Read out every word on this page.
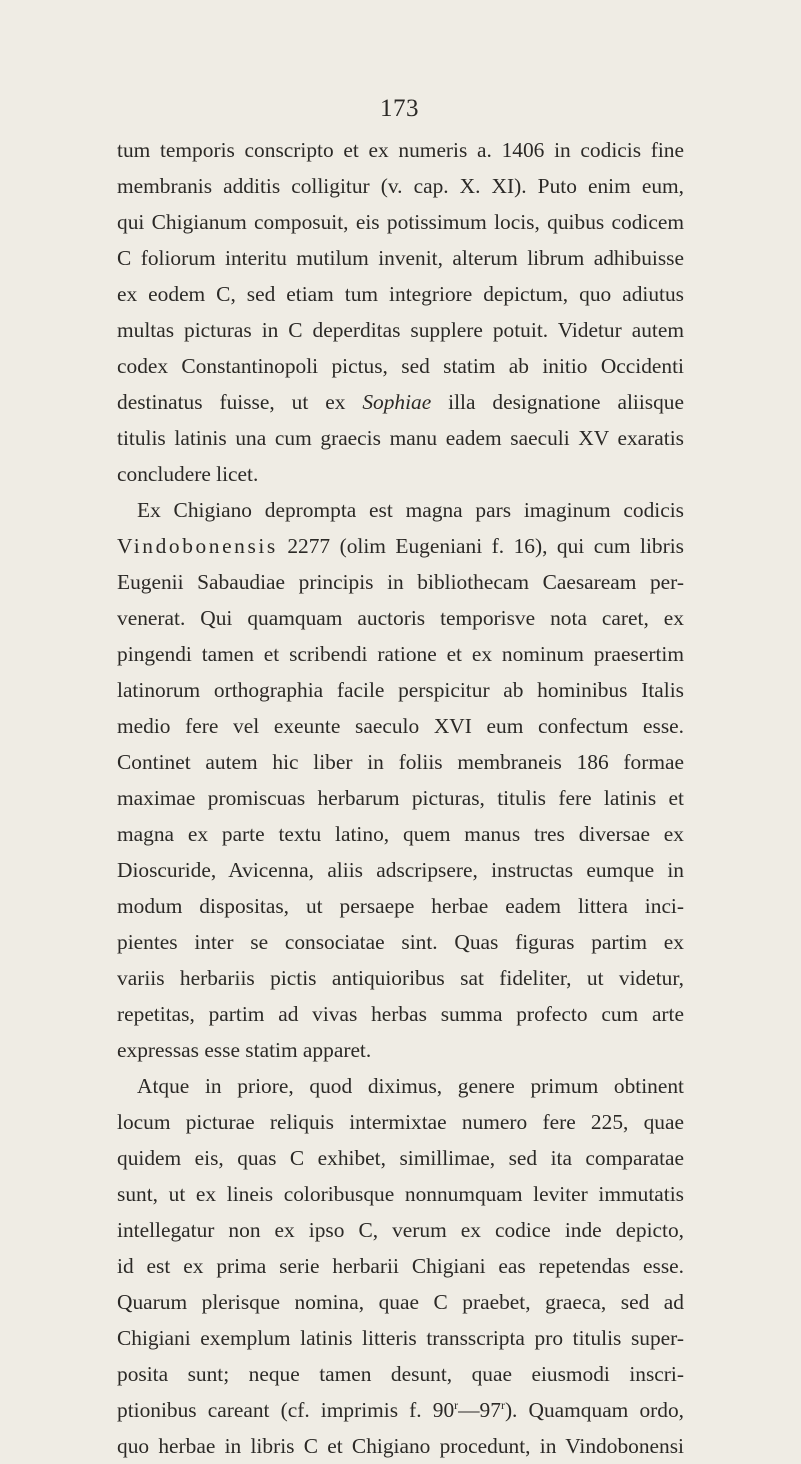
173
tum temporis conscripto et ex numeris a. 1406 in codicis fine
membranis additis colligitur (v. cap. X. XI). Puto enim eum,
qui Chigianum composuit, eis potissimum locis, quibus codicem
C foliorum interitu mutilum invenit, alterum librum adhibuisse
ex eodem C, sed etiam tum integriore depictum, quo adiutus
multas picturas in C deperditas supplere potuit. Videtur autem
codex Constantinopoli pictus, sed statim ab initio Occidenti
destinatus fuisse, ut ex Sophiae illa designatione aliisque
titulis latinis una cum graecis manu eadem saeculi XV exaratis
concludere licet.
Ex Chigiano deprompta est magna pars imaginum codicis
Vindobonensis 2277 (olim Eugeniani f. 16), qui cum libris
Eugenii Sabaudiae principis in bibliothecam Caesaream per-
venerat. Qui quamquam auctoris temporisve nota caret, ex
pingendi tamen et scribendi ratione et ex nominum praesertim
latinorum orthographia facile perspicitur ab hominibus Italis
medio fere vel exeunte saeculo XVI eum confectum esse.
Continet autem hic liber in foliis membraneis 186 formae
maximae promiscuas herbarum picturas, titulis fere latinis et
magna ex parte textu latino, quem manus tres diversae ex
Dioscuride, Avicenna, aliis adscripsere, instructas eumque in
modum dispositas, ut persaepe herbae eadem littera inci-
pientes inter se consociatae sint. Quas figuras partim ex
variis herbariis pictis antiquioribus sat fideliter, ut videtur,
repetitas, partim ad vivas herbas summa profecto cum arte
expressas esse statim apparet.
Atque in priore, quod diximus, genere primum obtinent
locum picturae reliquis intermixtae numero fere 225, quae
quidem eis, quas C exhibet, simillimae, sed ita comparatae
sunt, ut ex lineis coloribusque nonnumquam leviter immutatis
intellegatur non ex ipso C, verum ex codice inde depicto,
id est ex prima serie herbarii Chigiani eas repetendas esse.
Quarum plerisque nomina, quae C praebet, graeca, sed ad
Chigiani exemplum latinis litteris transscripta pro titulis super-
posita sunt; neque tamen desunt, quae eiusmodi inscri-
ptionibus careant (cf. imprimis f. 90$^r$—97$^r$). Quamquam ordo,
quo herbae in libris C et Chigiano procedunt, in Vindobonensi
